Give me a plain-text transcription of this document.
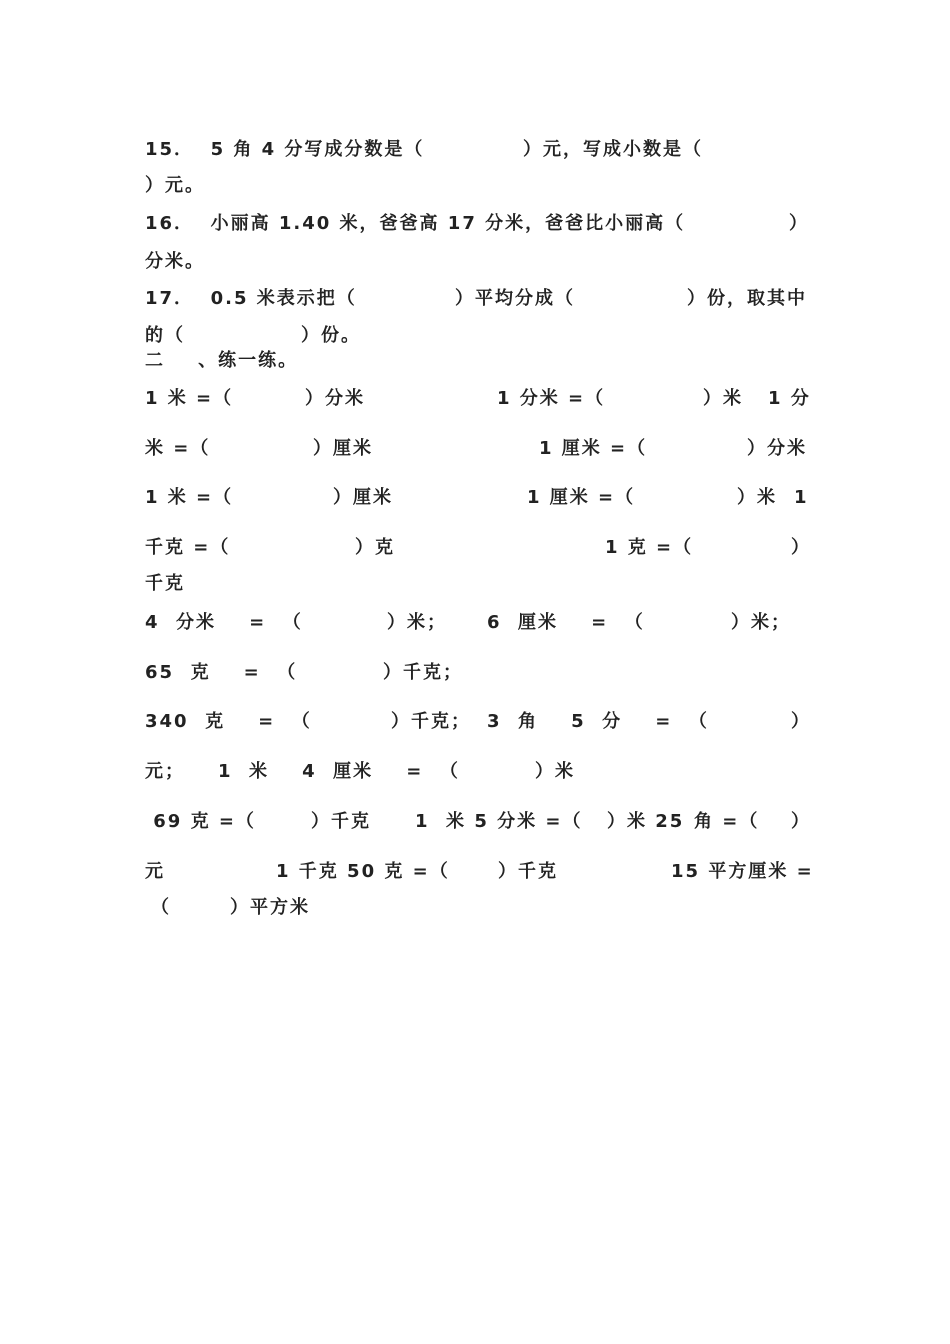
15．  5 角 4 分写成分数是（

	）元，写成小数是（

）元。

16．  小丽高 1.40 米，爸爸高 17 分米，爸爸比小丽高（

	）

分米。

17．  0.5 米表示把（

	）平均分成（

	）份，取其中

的（

	）份。

二    、练一练。

1 米 =（

	）分米

	1 分米 =（

	）米

1 分

米 =（

	）厘米

	1 厘米 =（

	）分米

1 米 =（

	）厘米

	1 厘米 =（

	）米

1

千克 =（

	）克

	1 克 =（

	）

千克

4  分米    =  （

	）米；

6  厘米    =  （

	）米；

65  克    =  （

	）千克；

340  克    =  （

	）千克；

3  角    5  分    =  （

	）

元；

1  米    4  厘米    =  （

	）米

69 克 =（

	）千克

1  米 5 分米 =（

）米 25

角 =（

）

元

	1 千克 50 克 =（

	）千克

	15 平方厘米 =

（

	）平方米
